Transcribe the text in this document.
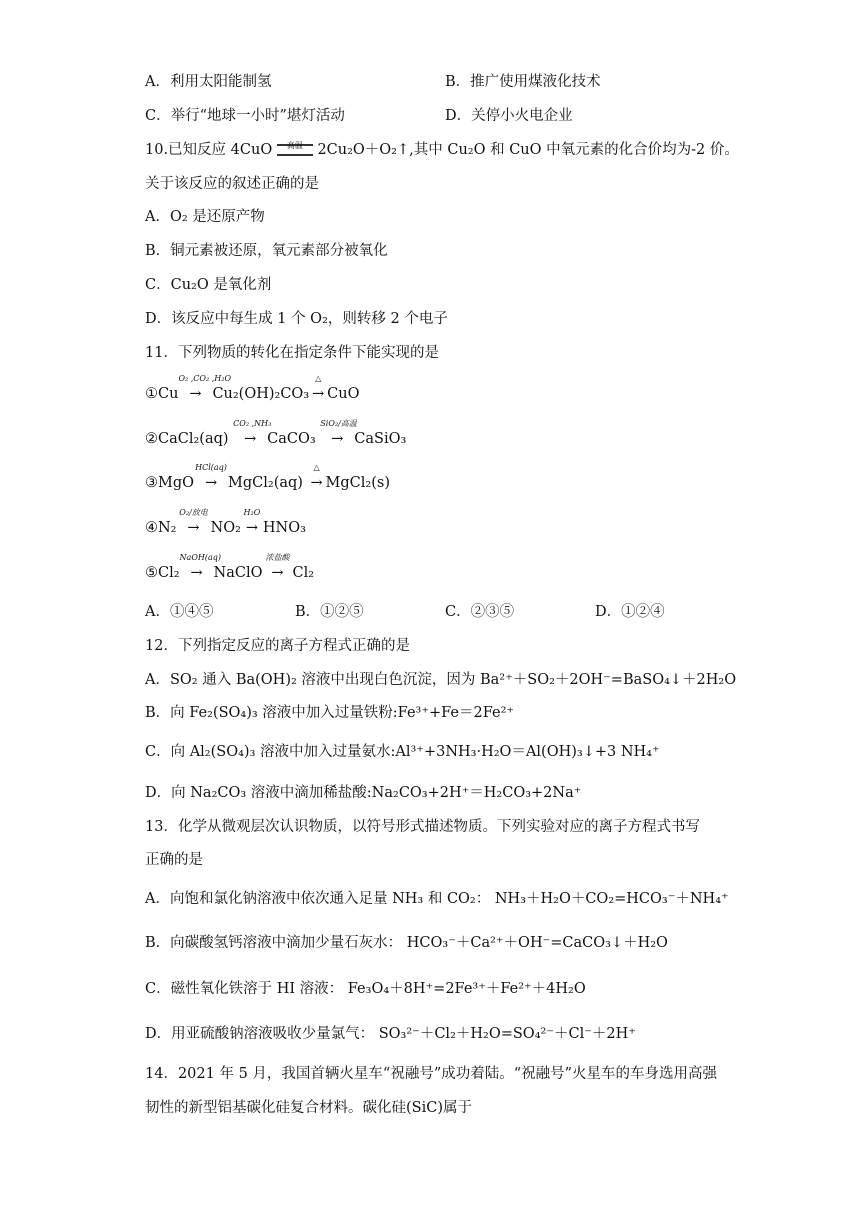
A．利用太阳能制氢	B．推广使用煤液化技术
C．举行“地球一小时”堪灯活动	D．关停小火电企业
10.已知反应 4CuO	高温	2Cu₂O＋O₂↑,其中 Cu₂O 和 CuO 中氧元素的化合价均为-2 价。
关于该反应的叙述正确的是
A．O₂ 是还原产物
B．铜元素被还原，氧元素部分被氧化
C．Cu₂O 是氧化剂
D．该反应中每生成 1 个 O₂，则转移 2 个电子
11．下列物质的转化在指定条件下能实现的是
①Cu
O₂ ,CO₂ ,H₂O
→ Cu₂(OH)₂CO₃
△
→ CuO
②CaCl₂(aq)
CO₂ ,NH₃
→ CaCO₃
SiO₂/高温
→ CaSiO₃
③MgO
HCl(aq)
→ MgCl₂(aq)
△
→ MgCl₂(s)
④N₂
O₂/放电
→ NO₂
H₂O
→ HNO₃
⑤Cl₂
NaOH(aq)
→ NaClO
浓盐酸
→ Cl₂
A．①④⑤	B．①②⑤	C．②③⑤	D．①②④
12．下列指定反应的离子方程式正确的是
A．SO₂ 通入 Ba(OH)₂ 溶液中出现白色沉淀，因为 Ba²⁺＋SO₂＋2OH⁻=BaSO₄↓＋2H₂O
B．向 Fe₂(SO₄)₃ 溶液中加入过量铁粉:Fe³⁺+Fe＝2Fe²⁺
C．向 Al₂(SO₄)₃ 溶液中加入过量氨水:Al³⁺+3NH₃·H₂O＝Al(OH)₃↓+3 NH₄⁺
D．向 Na₂CO₃ 溶液中滴加稀盐酸:Na₂CO₃+2H⁺＝H₂CO₃+2Na⁺
13．化学从微观层次认识物质，以符号形式描述物质。下列实验对应的离子方程式书写
正确的是
A．向饱和氯化钠溶液中依次通入足量 NH₃ 和 CO₂： NH₃＋H₂O＋CO₂=HCO₃⁻＋NH₄⁺
B．向碳酸氢钙溶液中滴加少量石灰水： HCO₃⁻＋Ca²⁺＋OH⁻=CaCO₃↓＋H₂O
C．磁性氧化铁溶于 HI 溶液： Fe₃O₄＋8H⁺=2Fe³⁺＋Fe²⁺＋4H₂O
D．用亚硫酸钠溶液吸收少量氯气： SO₃²⁻＋Cl₂＋H₂O=SO₄²⁻＋Cl⁻＋2H⁺
14．2021 年 5 月，我国首辆火星车“祝融号”成功着陆。“祝融号”火星车的车身选用高强
韧性的新型铝基碳化硅复合材料。碳化硅(SiC)属于
